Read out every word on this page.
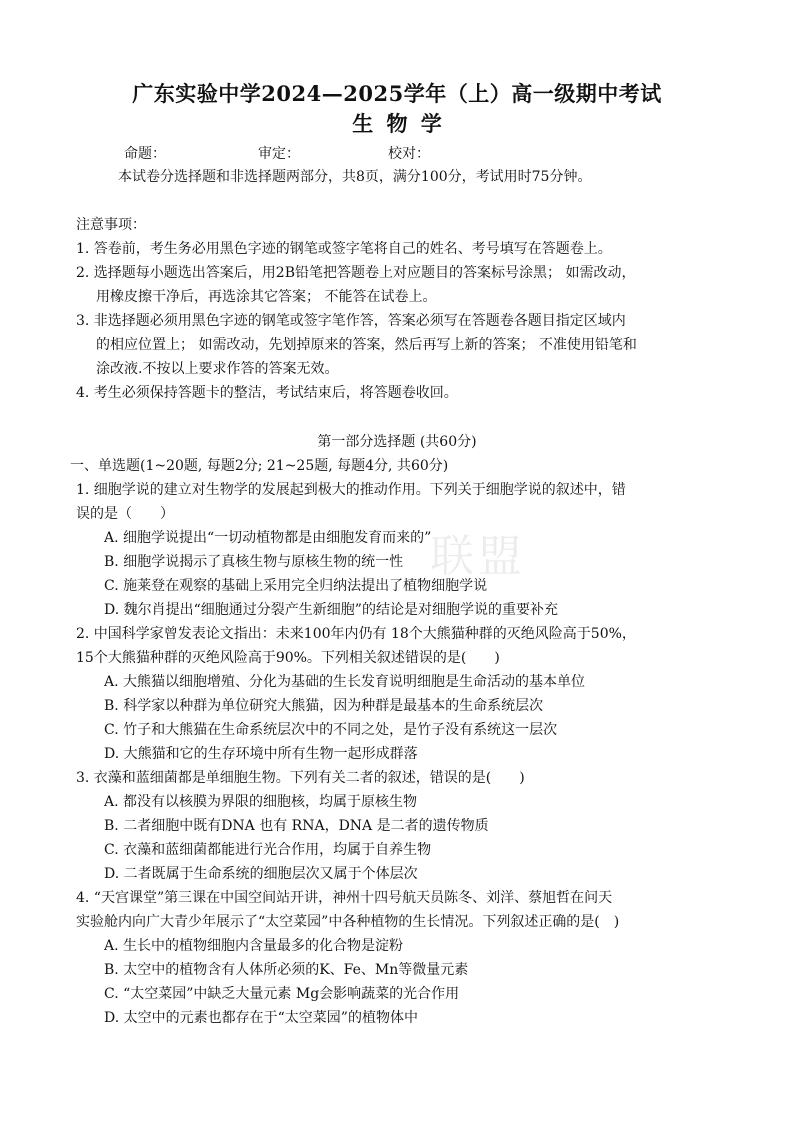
广东实验中学2024—2025学年（上）高一级期中考试
生 物 学
命题：	审定：	校对：
本试卷分选择题和非选择题两部分，共8页，满分100分，考试用时75分钟。
注意事项：
1. 答卷前，考生务必用黑色字迹的钢笔或签字笔将自己的姓名、考号填写在答题卷上。
2. 选择题每小题选出答案后，用2B铅笔把答题卷上对应题目的答案标号涂黑； 如需改动，
用橡皮擦干净后，再选涂其它答案； 不能答在试卷上。
3. 非选择题必须用黑色字迹的钢笔或签字笔作答，答案必须写在答题卷各题目指定区域内
的相应位置上； 如需改动，先划掉原来的答案，然后再写上新的答案； 不准使用铅笔和
涂改液.不按以上要求作答的答案无效。
4. 考生必须保持答题卡的整洁，考试结束后，将答题卷收回。
第一部分选择题 (共60分)
一、单选题(1~20题, 每题2分; 21~25题, 每题4分, 共60分)
联盟
1. 细胞学说的建立对生物学的发展起到极大的推动作用。下列关于细胞学说的叙述中，错
误的是（　　）
A. 细胞学说提出“一切动植物都是由细胞发育而来的”
B. 细胞学说揭示了真核生物与原核生物的统一性
C. 施莱登在观察的基础上采用完全归纳法提出了植物细胞学说
D. 魏尔肖提出“细胞通过分裂产生新细胞”的结论是对细胞学说的重要补充
2. 中国科学家曾发表论文指出：未来100年内仍有 18个大熊猫种群的灭绝风险高于50%，
15个大熊猫种群的灭绝风险高于90%。下列相关叙述错误的是(　　)
A. 大熊猫以细胞增殖、分化为基础的生长发育说明细胞是生命活动的基本单位
B. 科学家以种群为单位研究大熊猫，因为种群是最基本的生命系统层次
C. 竹子和大熊猫在生命系统层次中的不同之处，是竹子没有系统这一层次
D. 大熊猫和它的生存环境中所有生物一起形成群落
3. 衣藻和蓝细菌都是单细胞生物。下列有关二者的叙述，错误的是(　　)
A. 都没有以核膜为界限的细胞核，均属于原核生物
B. 二者细胞中既有DNA 也有 RNA，DNA 是二者的遗传物质
C. 衣藻和蓝细菌都能进行光合作用，均属于自养生物
D. 二者既属于生命系统的细胞层次又属于个体层次
4. “天宫课堂”第三课在中国空间站开讲，神州十四号航天员陈冬、刘洋、蔡旭哲在问天
实验舱内向广大青少年展示了“太空菜园”中各种植物的生长情况。下列叙述正确的是(　)
A. 生长中的植物细胞内含量最多的化合物是淀粉
B. 太空中的植物含有人体所必须的K、Fe、Mn等微量元素
C. “太空菜园”中缺乏大量元素 Mg会影响蔬菜的光合作用
D. 太空中的元素也都存在于“太空菜园”的植物体中
